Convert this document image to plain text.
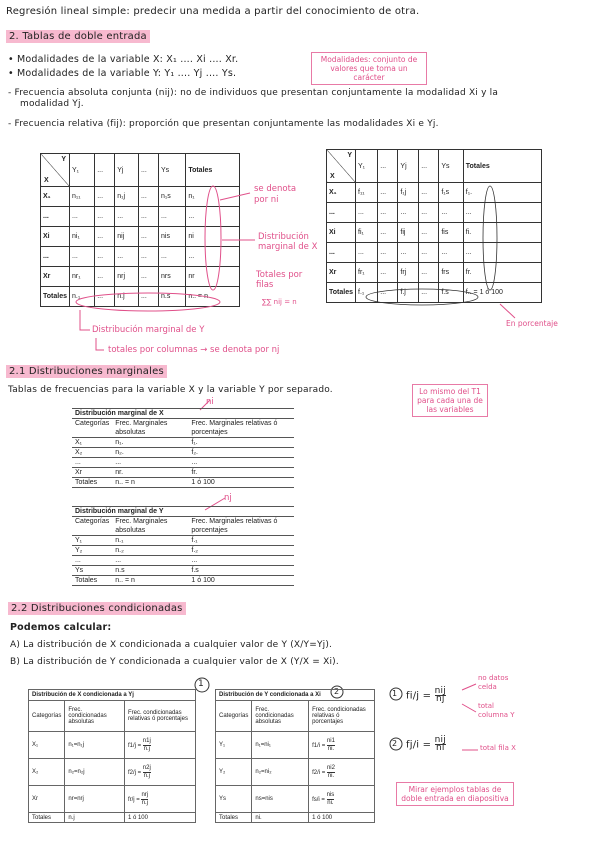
Regresión lineal simple: predecir una medida a partir del conocimiento de otra.
2. Tablas de doble entrada
• Modalidades de la variable X: X₁ .... Xi .... Xr.
• Modalidades de la variable Y: Y₁ .... Yj .... Ys.
Modalidades: conjunto de valores que toma un carácter
- Frecuencia absoluta conjunta (nij): no de individuos que presentan conjuntamente la modalidad Xi y la
modalidad Yj.
- Frecuencia relativa (fij): proporción que presentan conjuntamente las modalidades Xi e Yj.
Y
X	Y₁	...	Yj	...	Ys	Totales
X₁	n₁₁	...	n₁j	...	n₁s	n₁
...	...	...	...	...	...	...
Xi	ni₁	...	nij	...	nis	ni
...	...	...	...	...	...	...
Xr	nr₁	...	nrj	...	nrs	nr
Totales	n.₁	...	n.j	...	n.s	n.. = n
Y
X	Y₁	...	Yj	...	Ys	Totales
X₁	f₁₁	...	f₁j	...	f₁s	f₁.
...	...	...	...	...	...	...
Xi	fi₁	...	fij	...	fis	fi.
...	...	...	...	...	...	...
Xr	fr₁	...	frj	...	frs	fr.
Totales	f.₁	...	f.j	...	f.s	f.. = 1 ó 100
se denota por ni
Distribución marginal de X
Totales por filas
∑∑ nij = n
Distribución marginal de Y
totales por columnas → se denota por nj
En porcentaje
2.1 Distribuciones marginales
Tablas de frecuencias para la variable X y la variable Y por separado.	Lo mismo del T1 para cada una de las variables
ni
nj
Distribución marginal de X		
Categorías	Frec. Marginales absolutas	Frec. Marginales relativas ó porcentajes
X₁	n₁.	f₁.
X₂	n₂.	f₂.
...	...	...
Xr	nr.	fr.
Totales	n.. = n	1 ó 100
Distribución marginal de Y		
Categorías	Frec. Marginales absolutas	Frec. Marginales relativas ó porcentajes
Y₁	n.₁	f.₁
Y₂	n.₂	f.₂
...	...	...
Ys	n.s	f.s
Totales	n.. = n	1 ó 100
2.2 Distribuciones condicionadas
Podemos calcular:
A) La distribución de X condicionada a cualquier valor de Y (X/Y=Yj).
B) La distribución de Y condicionada a cualquier valor de X (Y/X = Xi).
1
2
Distribución de X condicionada a Yj		
Categorías	Frec. condicionadas absolutas	Frec. condicionadas relativas ó porcentajes
X₁	n₁=n₁j	$f1/j = \frac{n1j}{n.j}$

X₂	n₂=n₂j	$f2/j = \frac{n2j}{n.j}$

Xr	nr=nrj	$fr/j = \frac{\text{nrj}}{n.j}$

Totales	n.j	1 ó 100
Distribución de Y condicionada a Xi		
Categorías	Frec. condicionadas absolutas	Frec. condicionadas relativas ó porcentajes
Y₁	n₁=ni₁	$f1/i = \frac{ni1}{ni.}$

Y₂	n₂=ni₂	$f2/i = \frac{ni2}{ni.}$

Ys	ns=nis	$fs/i = \frac{\text{nis}}{ni.}$

Totales	ni.	1 ó 100
1 $fi/j = \frac{\text{nij}}{nj}$
no datos celda
total columna Y
2 $fj/i = \frac{\text{nij}}{ni}$	total fila X
Mirar ejemplos tablas de doble entrada en diapositiva
